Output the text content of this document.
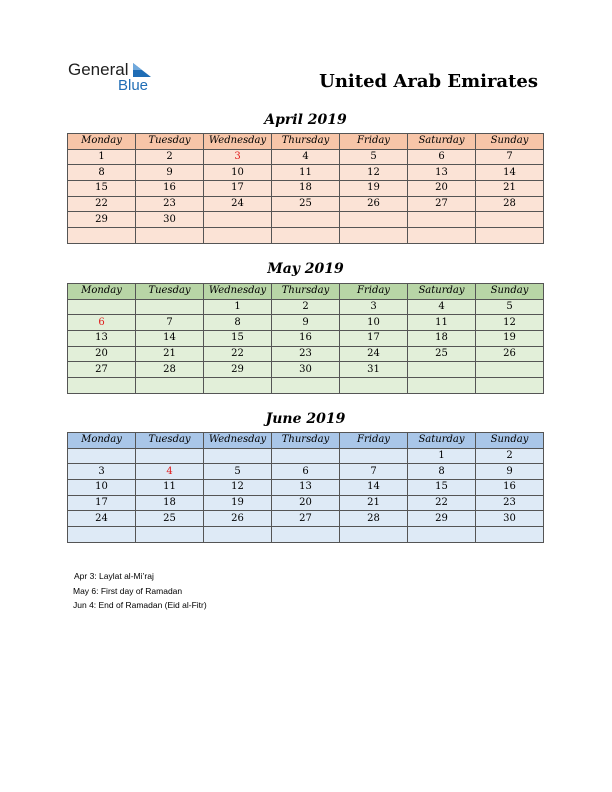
General
Blue	United Arab Emirates
April 2019
Monday	Tuesday	Wednesday	Thursday	Friday	Saturday	Sunday
1	2	3	4	5	6	7
8	9	10	11	12	13	14
15	16	17	18	19	20	21
22	23	24	25	26	27	28
29	30					

May 2019
Monday	Tuesday	Wednesday	Thursday	Friday	Saturday	Sunday
		1	2	3	4	5
6	7	8	9	10	11	12
13	14	15	16	17	18	19
20	21	22	23	24	25	26
27	28	29	30	31		

June 2019
Monday	Tuesday	Wednesday	Thursday	Friday	Saturday	Sunday
					1	2
3	4	5	6	7	8	9
10	11	12	13	14	15	16
17	18	19	20	21	22	23
24	25	26	27	28	29	30

Apr 3: Laylat al-Mi’raj
May 6: First day of Ramadan
Jun 4: End of Ramadan (Eid al-Fitr)
